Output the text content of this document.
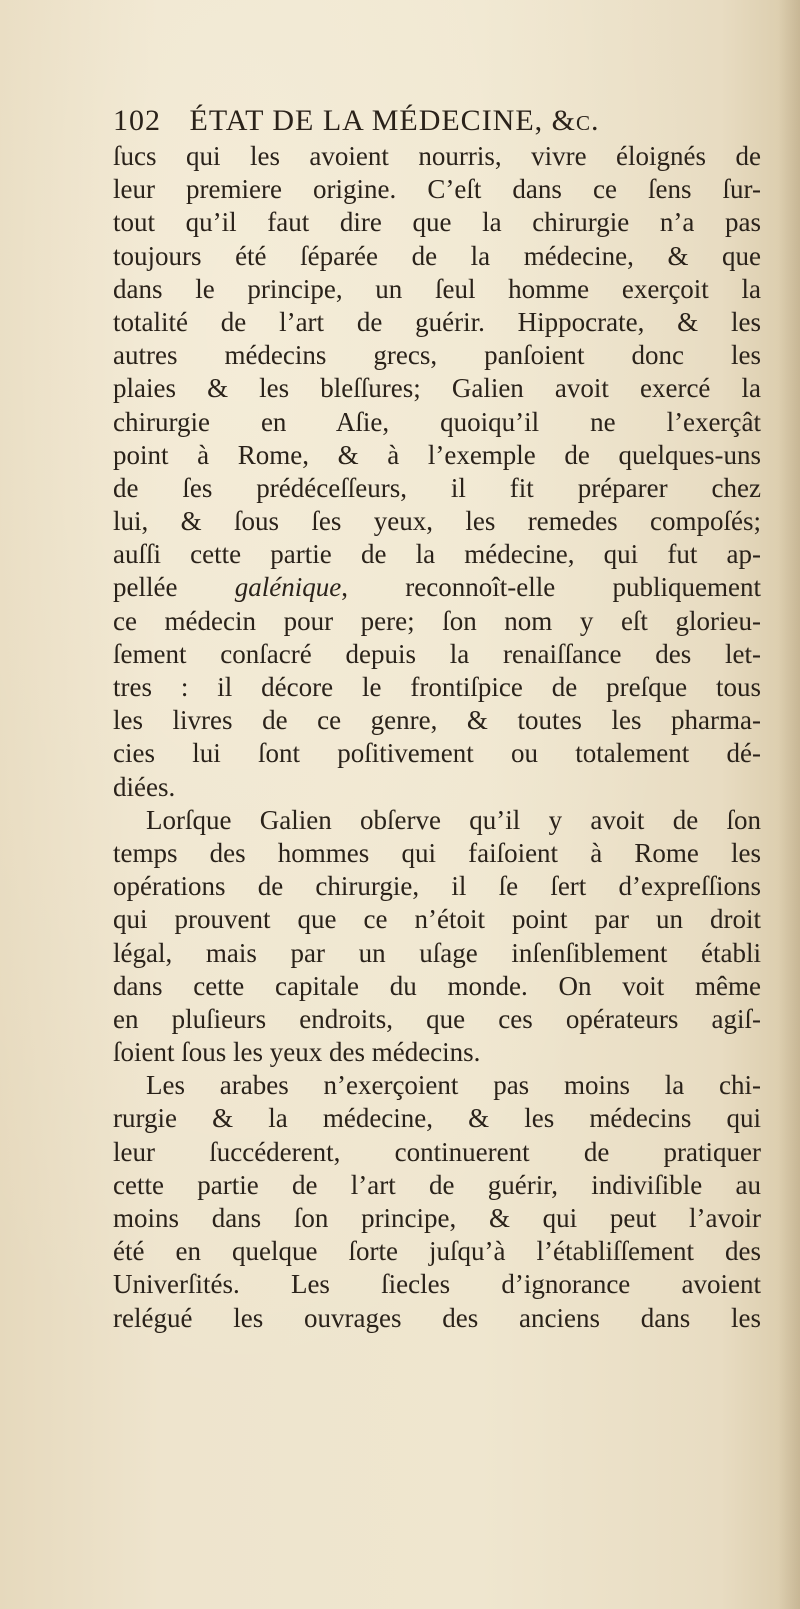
102 ÉTAT DE LA MÉDECINE, &c.
ſucs qui les avoient nourris, vivre éloignés de
leur premiere origine. C’eſt dans ce ſens ſur-
tout qu’il faut dire que la chirurgie n’a pas
toujours été ſéparée de la médecine, & que
dans le principe, un ſeul homme exerçoit la
totalité de l’art de guérir. Hippocrate, & les
autres médecins grecs, panſoient donc les
plaies & les bleſſures; Galien avoit exercé la
chirurgie en Aſie, quoiqu’il ne l’exerçât
point à Rome, & à l’exemple de quelques-uns
de ſes prédéceſſeurs, il fit préparer chez
lui, & ſous ſes yeux, les remedes compoſés;
auſſi cette partie de la médecine, qui fut ap-
pellée galénique, reconnoît-elle publiquement
ce médecin pour pere; ſon nom y eſt glorieu-
ſement conſacré depuis la renaiſſance des let-
tres : il décore le frontiſpice de preſque tous
les livres de ce genre, & toutes les pharma-
cies lui ſont poſitivement ou totalement dé-
diées.
Lorſque Galien obſerve qu’il y avoit de ſon
temps des hommes qui faiſoient à Rome les
opérations de chirurgie, il ſe ſert d’expreſſions
qui prouvent que ce n’étoit point par un droit
légal, mais par un uſage inſenſiblement établi
dans cette capitale du monde. On voit même
en pluſieurs endroits, que ces opérateurs agiſ-
ſoient ſous les yeux des médecins.
Les arabes n’exerçoient pas moins la chi-
rurgie & la médecine, & les médecins qui
leur ſuccéderent, continuerent de pratiquer
cette partie de l’art de guérir, indiviſible au
moins dans ſon principe, & qui peut l’avoir
été en quelque ſorte juſqu’à l’établiſſement des
Univerſités. Les ſiecles d’ignorance avoient
relégué les ouvrages des anciens dans les
